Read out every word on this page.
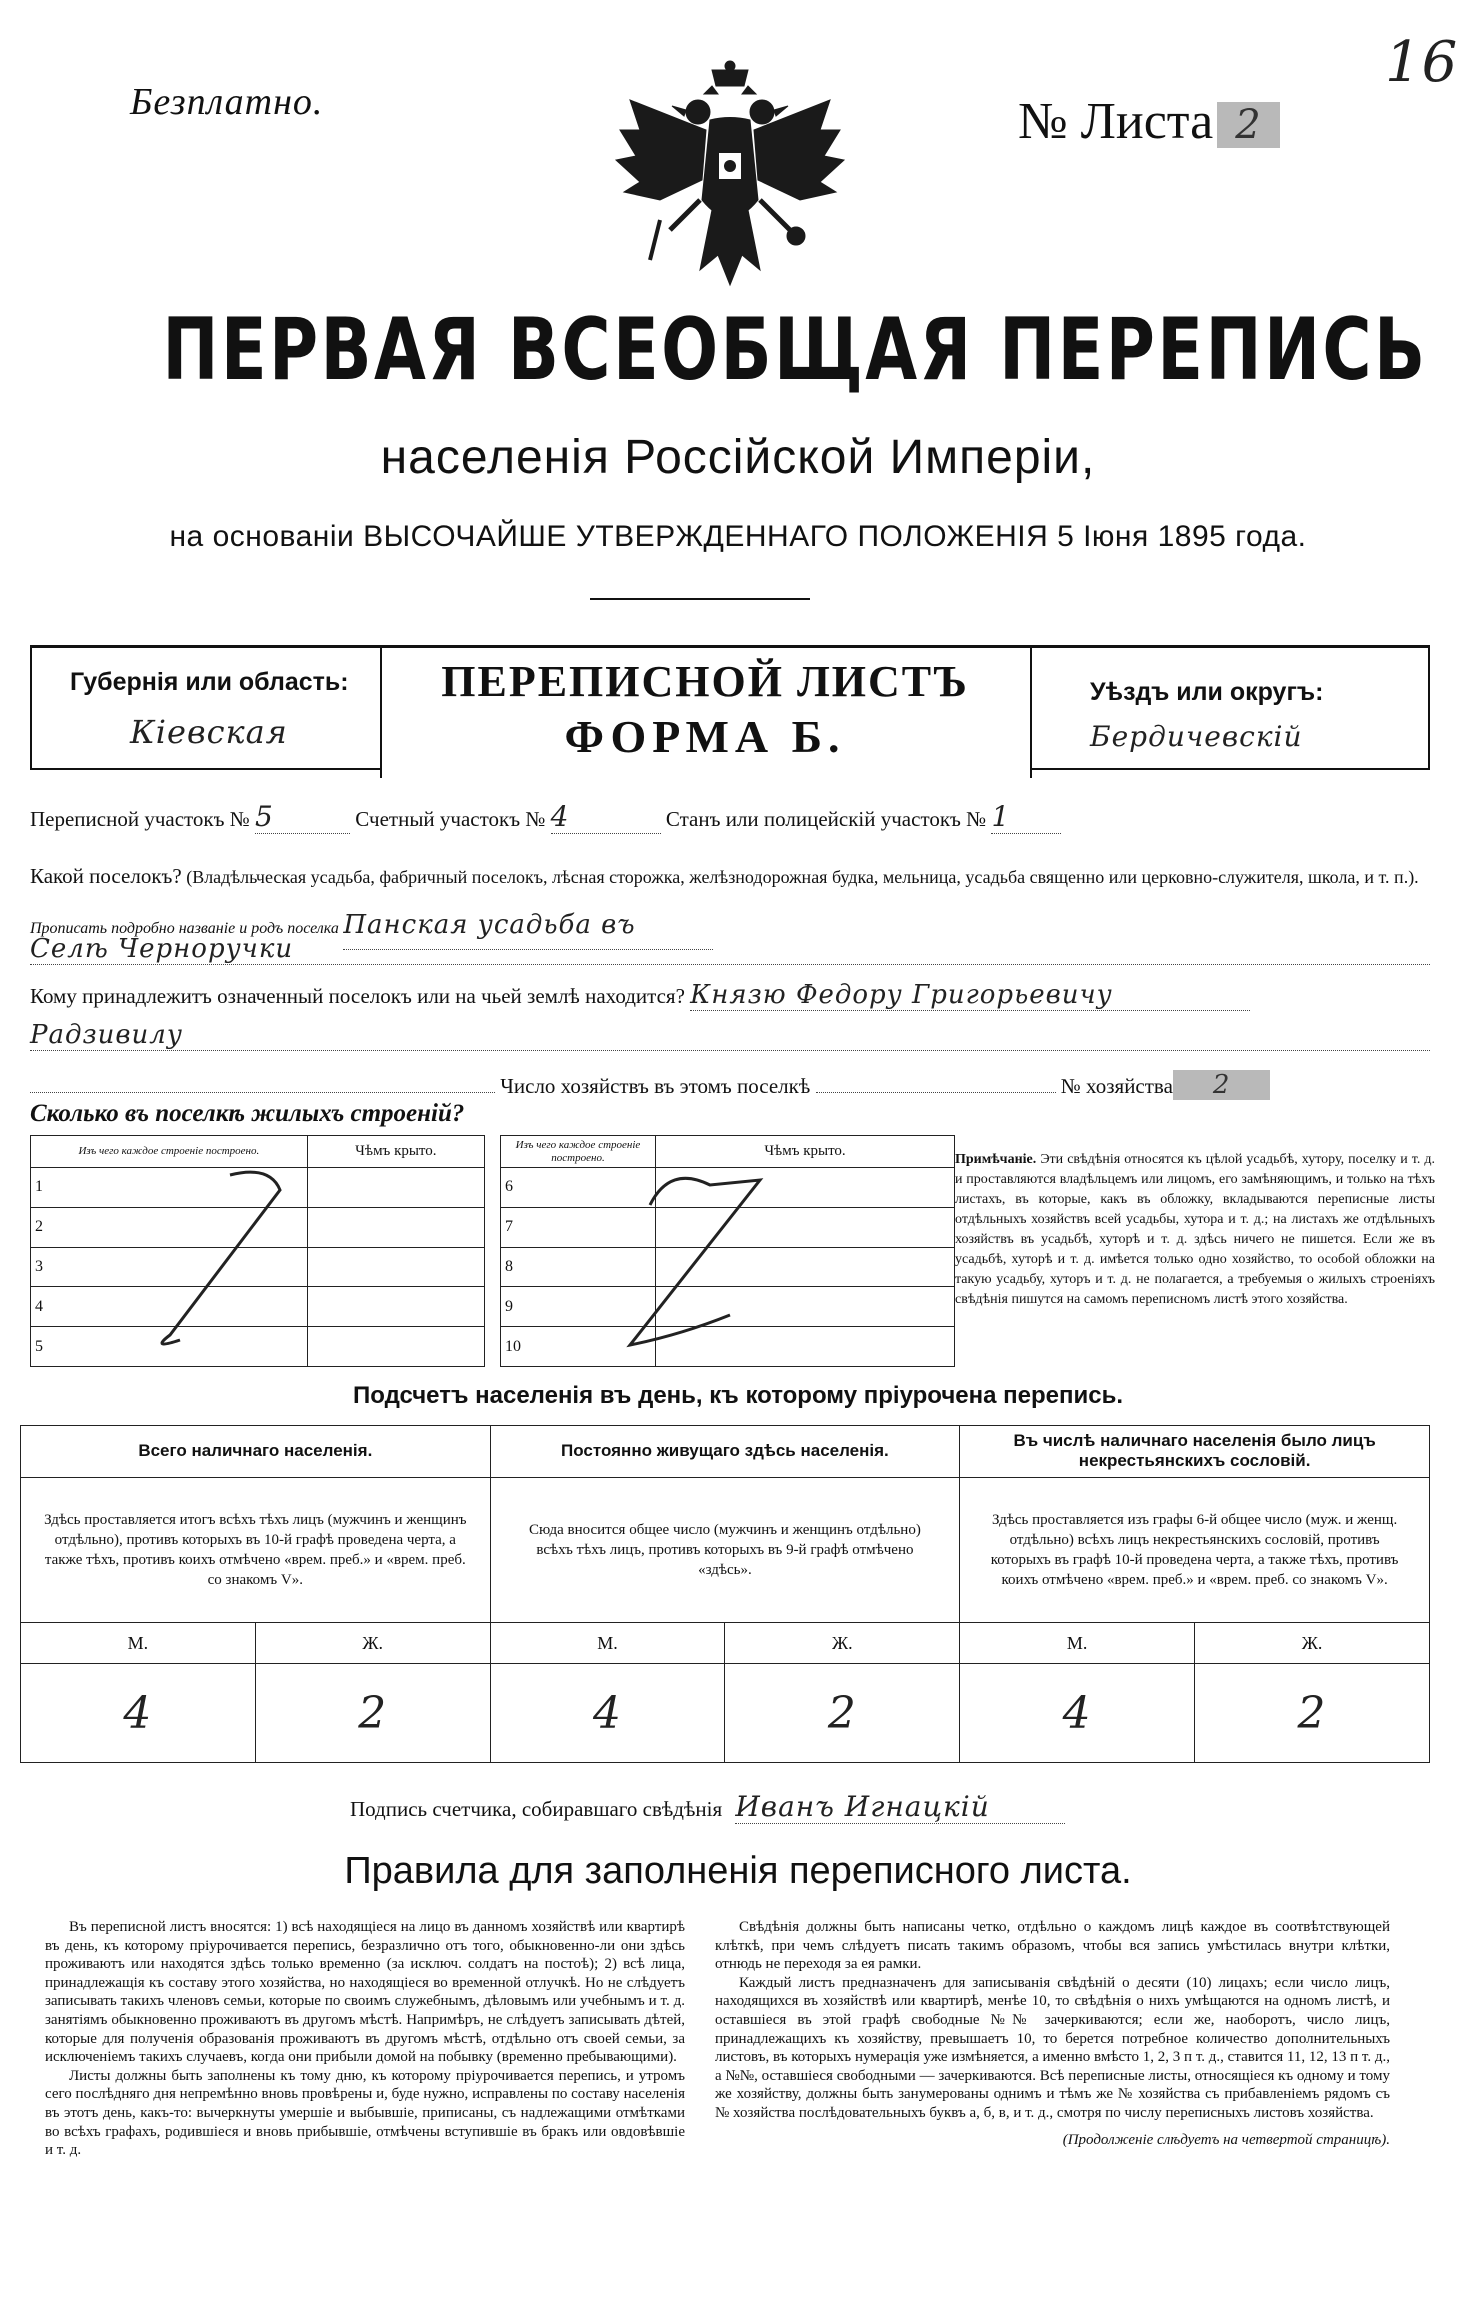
16
Безплатно.	№ Листа 2
ПЕРВАЯ ВСЕОБЩАЯ ПЕРЕПИСЬ
населенія Россійской Имперіи,
на основаніи ВЫСОЧАЙШЕ УТВЕРЖДЕННАГО ПОЛОЖЕНІЯ 5 Іюня 1895 года.
Губернія или область:
Кіевская
ПЕРЕПИСНОЙ ЛИСТЪ
ФОРМА Б.
Уѣздъ или округъ:
Бердичевскій
Переписной участокъ № 5	Счетный участокъ № 4	Станъ или полицейскій участокъ № 1
Какой поселокъ? (Владѣльческая усадьба, фабричный поселокъ, лѣсная сторожка, желѣзнодорожная будка, мельница, усадьба священно или церковно-служителя, школа, и т. п.). Прописать подробно названіе и родъ поселка Панская усадьба въ
Селѣ Черноручки
Кому принадлежитъ означенный поселокъ или на чьей землѣ находится? Князю Федору Григорьевичу
Радзивилу
Число хозяйствъ въ этомъ поселкѣ	№ хозяйства 2
Сколько въ поселкѣ жилыхъ строеній?
Изъ чего каждое строеніе построено.		Чѣмъ крыто.
1		
2		
3		
4		
5		
Изъ чего каждое строеніе построено.		Чѣмъ крыто.
6		
7		
8		
9		
10		
Примѣчаніе. Эти свѣдѣнія относятся къ цѣлой усадьбѣ, хутору, поселку и т. д. и проставляются владѣльцемъ или лицомъ, его замѣняющимъ, и только на тѣхъ листахъ, въ которые, какъ въ обложку, вкладываются переписные листы отдѣльныхъ хозяйствъ всей усадьбы, хутора и т. д.; на листахъ же отдѣльныхъ хозяйствъ въ усадьбѣ, хуторѣ и т. д. здѣсь ничего не пишется. Если же въ усадьбѣ, хуторѣ и т. д. имѣется только одно хозяйство, то особой обложки на такую усадьбу, хуторъ и т. д. не полагается, а требуемыя о жилыхъ строеніяхъ свѣдѣнія пишутся на самомъ переписномъ листѣ этого хозяйства.
Подсчетъ населенія въ день, къ которому пріурочена перепись.
Всего наличнаго населенія.		Постоянно живущаго здѣсь населенія.		Въ числѣ наличнаго населенія было лицъ некрестьянскихъ сословій.	
Здѣсь проставляется итогъ всѣхъ тѣхъ лицъ (мужчинъ и женщинъ отдѣльно), противъ которыхъ въ 10-й графѣ проведена черта, а также тѣхъ, противъ коихъ отмѣчено «врем. преб.» и «врем. преб. со знакомъ V».		Сюда вносится общее число (мужчинъ и женщинъ отдѣльно) всѣхъ тѣхъ лицъ, противъ которыхъ въ 9-й графѣ отмѣчено «здѣсь».		Здѣсь проставляется изъ графы 6-й общее число (муж. и женщ. отдѣльно) всѣхъ лицъ некрестьянскихъ сословій, противъ которыхъ въ графѣ 10-й проведена черта, а также тѣхъ, противъ коихъ отмѣчено «врем. преб.» и «врем. преб. со знакомъ V».	
М.	Ж.	М.	Ж.	М.	Ж.
4	2	4	2	4	2
Подпись счетчика, собиравшаго свѣдѣнія Иванъ Игнацкій
Правила для заполненія переписного листа.

Въ переписной листъ вносятся: 1) всѣ находящіеся на лицо въ данномъ хозяйствѣ или квартирѣ въ день, къ которому пріурочивается перепись, безразлично отъ того, обыкновенно-ли они здѣсь проживаютъ или находятся здѣсь только временно (за исключ. солдатъ на постоѣ); 2) всѣ лица, принадлежащія къ составу этого хозяйства, но находящіеся во временной отлучкѣ. Но не слѣдуетъ записывать такихъ членовъ семьи, которые по своимъ служебнымъ, дѣловымъ или учебнымъ и т. д. занятіямъ обыкновенно проживаютъ въ другомъ мѣстѣ. Напримѣръ, не слѣдуетъ записывать дѣтей, которые для полученія образованія проживаютъ въ другомъ мѣстѣ, отдѣльно отъ своей семьи, за исключеніемъ такихъ случаевъ, когда они прибыли домой на побывку (временно пребывающими).

Листы должны быть заполнены къ тому дню, къ которому пріурочивается перепись, и утромъ сего послѣдняго дня непремѣнно вновь провѣрены и, буде нужно, исправлены по составу населенія въ этотъ день, какъ-то: вычеркнуты умершіе и выбывшіе, приписаны, съ надлежащими отмѣтками во всѣхъ графахъ, родившіеся и вновь прибывшіе, отмѣчены вступившіе въ бракъ или овдовѣвшіе и т. д.

Свѣдѣнія должны быть написаны четко, отдѣльно о каждомъ лицѣ каждое въ соотвѣтствующей клѣткѣ, при чемъ слѣдуетъ писать такимъ образомъ, чтобы вся запись умѣстилась внутри клѣтки, отнюдь не переходя за ея рамки.

Каждый листъ предназначенъ для записыванія свѣдѣній о десяти (10) лицахъ; если число лицъ, находящихся въ хозяйствѣ или квартирѣ, менѣе 10, то свѣдѣнія о нихъ умѣщаются на одномъ листѣ, и оставшіеся въ этой графѣ свободные №№ зачеркиваются; если же, наоборотъ, число лицъ, принадлежащихъ къ хозяйству, превышаетъ 10, то берется потребное количество дополнительныхъ листовъ, въ которыхъ нумерація уже измѣняется, а именно вмѣсто 1, 2, 3 п т. д., ставится 11, 12, 13 п т. д., а №№, оставшіеся свободными — зачеркиваются. Всѣ переписные листы, относящіеся къ одному и тому же хозяйству, должны быть занумерованы однимъ и тѣмъ же № хозяйства съ прибавленіемъ рядомъ съ № хозяйства послѣдовательныхъ буквъ а, б, в, и т. д., смотря по числу переписныхъ листовъ хозяйства.

(Продолженіе слѣдуетъ на четвертой страницѣ).
